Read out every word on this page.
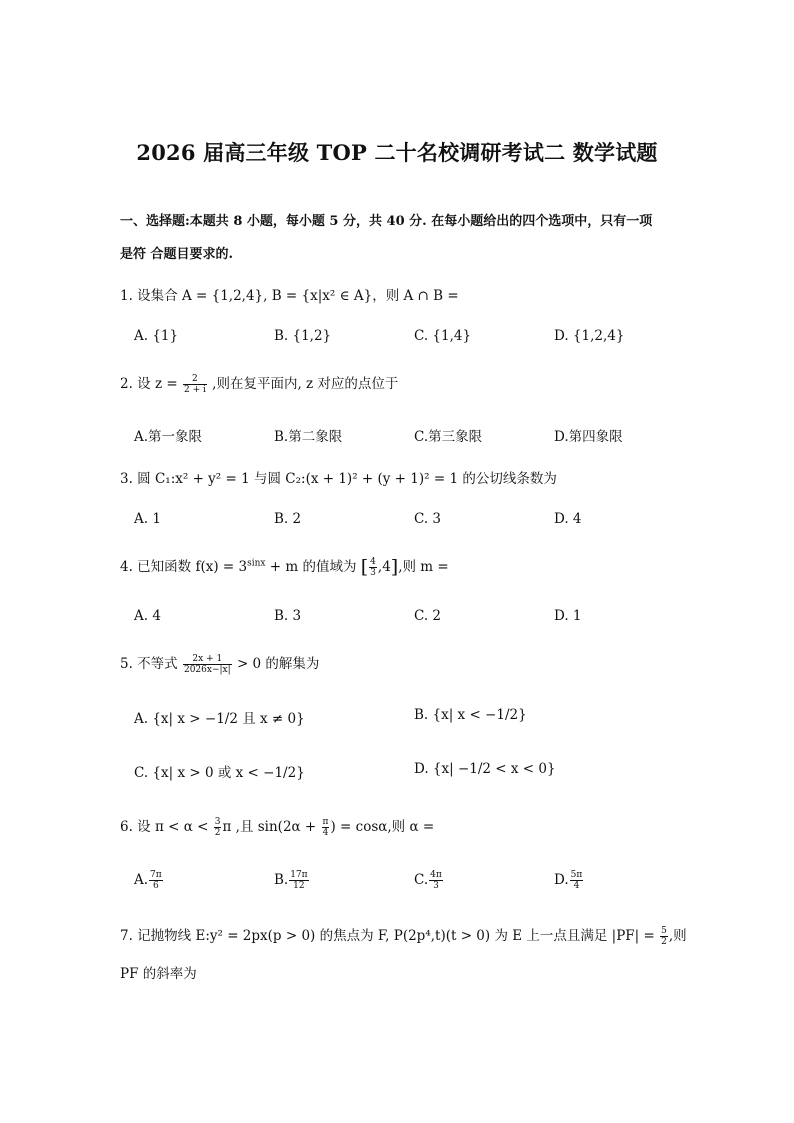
2026 届高三年级 TOP 二十名校调研考试二 数学试题
一、选择题:本题共 8 小题，每小题 5 分，共 40 分. 在每小题给出的四个选项中，只有一项
是符 合题目要求的.
1. 设集合 A = {1,2,4}, B = {x|x² ∈ A}，则 A ∩ B =
A. {1}	B. {1,2}	C. {1,4}	D. {1,2,4}
2. 设 $z = \frac{2}{2 + i}$ ,则在复平面内, z 对应的点位于
A.第一象限	B.第二象限	C.第三象限	D.第四象限
3. 圆 C₁:x² + y² = 1 与圆 C₂:(x + 1)² + (y + 1)² = 1 的公切线条数为
A. 1	B. 2	C. 3	D. 4
4. 已知函数 $f(x) = 3^{sinx} + m$ 的值域为 [ $\frac{4}{3} ,4$],则 m =
A. 4	B. 3	C. 2	D. 1
5. 不等式 $\frac{2x + 1}{2026x-|x|} > 0$ 的解集为
A. {x| x > −1/2 且 x ≠ 0}	B. {x| x < −1/2}
C. {x| x > 0 或 x < −1/2}	D. {x| −1/2 < x < 0}
6. 设 $\pi < \alpha < \frac{3}{2}$ π ,且 $\sin(2\alpha + \frac{\pi}{4}$ ) = cosα,则 α =
A. $\frac{7\pi}{6}$	B. $\frac{17\pi}{12}$	C. $\frac{4\pi}{3}$	D. $\frac{5\pi}{4}$
7. 记抛物线 E:y² = 2px(p > 0) 的焦点为 F, P(2p⁴,t)(t > 0) 为 E 上一点且满足 $|PF| = \frac{5}{2}$ ,则
PF 的斜率为
